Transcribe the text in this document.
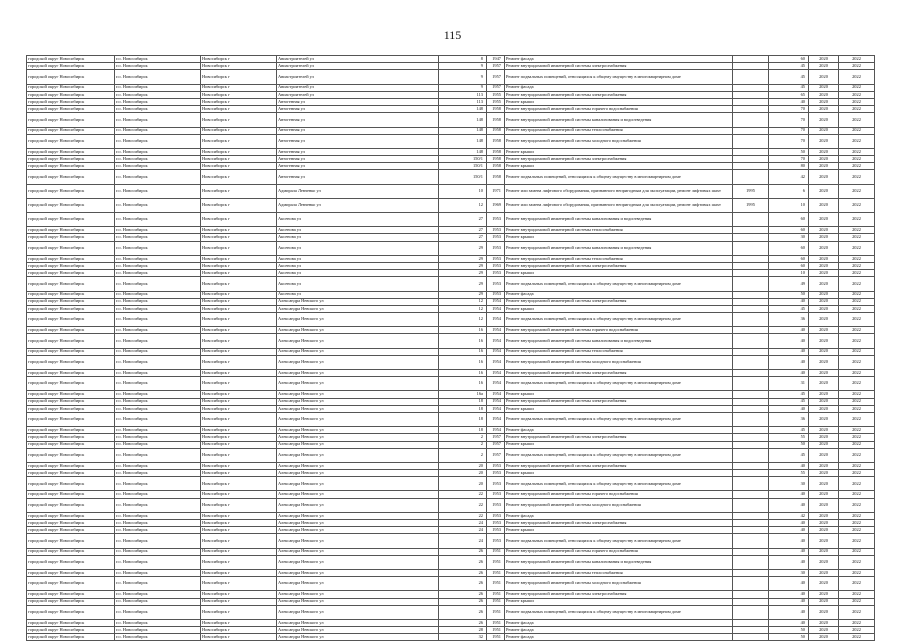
115
городской округ Новосибирск	г.о. Новосибирск	Новосибирск г	Авиастроителей ул	8	1947	Ремонт фасада		60	2020	2022
городской округ Новосибирск	г.о. Новосибирск	Новосибирск г	Авиастроителей ул	9	1957	Ремонт внутридомовой инженерной системы электроснабжения		45	2020	2022
городской округ Новосибирск	г.о. Новосибирск	Новосибирск г	Авиастроителей ул	9	1957	Ремонт подвальных помещений, относящихся к общему имуществу в многоквартирном доме		45	2020	2022
городской округ Новосибирск	г.о. Новосибирск	Новосибирск г	Авиастроителей ул	9	1957	Ремонт фасада		45	2020	2022
городской округ Новосибирск	г.о. Новосибирск	Новосибирск г	Авиастроителей ул	113	1955	Ремонт внутридомовой инженерной системы электроснабжения		65	2020	2022
городской округ Новосибирск	г.о. Новосибирск	Новосибирск г	Автогенная ул	113	1955	Ремонт крыши		40	2020	2022
городской округ Новосибирск	г.о. Новосибирск	Новосибирск г	Автогенная ул	148	1958	Ремонт внутридомовой инженерной системы горячего водоснабжения		70	2020	2022
городской округ Новосибирск	г.о. Новосибирск	Новосибирск г	Автогенная ул	148	1958	Ремонт внутридомовой инженерной системы канализования и водоотведения		70	2020	2022
городской округ Новосибирск	г.о. Новосибирск	Новосибирск г	Автогенная ул	148	1958	Ремонт внутридомовой инженерной системы теплоснабжения		70	2020	2022
городской округ Новосибирск	г.о. Новосибирск	Новосибирск г	Автогенная ул	148	1958	Ремонт внутридомовой инженерной системы холодного водоснабжения		70	2020	2022
городской округ Новосибирск	г.о. Новосибирск	Новосибирск г	Автогенная ул	148	1958	Ремонт крыши		50	2020	2022
городской округ Новосибирск	г.о. Новосибирск	Новосибирск г	Автогенная ул	150/1	1958	Ремонт внутридомовой инженерной системы электроснабжения		70	2020	2022
городской округ Новосибирск	г.о. Новосибирск	Новосибирск г	Автогенная ул	150/1	1958	Ремонт крыши		80	2020	2022
городской округ Новосибирск	г.о. Новосибирск	Новосибирск г	Автогенная ул	150/1	1958	Ремонт подвальных помещений, относящихся к общему имуществу в многоквартирном доме		42	2020	2022
городской округ Новосибирск	г.о. Новосибирск	Новосибирск г	Адмирала Левченко ул	10	1971	Ремонт или замена лифтового оборудования, признанного непригодным для эксплуатации, ремонт лифтовых шахт	1995	6	2020	2022
городской округ Новосибирск	г.о. Новосибирск	Новосибирск г	Адмирала Левченко ул	12	1969	Ремонт или замена лифтового оборудования, признанного непригодным для эксплуатации, ремонт лифтовых шахт	1995	10	2020	2022
городской округ Новосибирск	г.о. Новосибирск	Новосибирск г	Аксенова ул	27	1953	Ремонт внутридомовой инженерной системы канализования и водоотведения		60	2020	2022
городской округ Новосибирск	г.о. Новосибирск	Новосибирск г	Аксенова ул	27	1953	Ремонт внутридомовой инженерной системы теплоснабжения		60	2020	2022
городской округ Новосибирск	г.о. Новосибирск	Новосибирск г	Аксенова ул	27	1953	Ремонт крыши		30	2020	2022
городской округ Новосибирск	г.о. Новосибирск	Новосибирск г	Аксенова ул	29	1953	Ремонт внутридомовой инженерной системы канализования и водоотведения		60	2020	2022
городской округ Новосибирск	г.о. Новосибирск	Новосибирск г	Аксенова ул	29	1953	Ремонт внутридомовой инженерной системы теплоснабжения		60	2020	2022
городской округ Новосибирск	г.о. Новосибирск	Новосибирск г	Аксенова ул	29	1953	Ремонт внутридомовой инженерной системы электроснабжения		60	2020	2022
городской округ Новосибирск	г.о. Новосибирск	Новосибирск г	Аксенова ул	29	1953	Ремонт крыши		10	2020	2022
городской округ Новосибирск	г.о. Новосибирск	Новосибирск г	Аксенова ул	29	1953	Ремонт подвальных помещений, относящихся к общему имуществу в многоквартирном доме		49	2020	2022
городской округ Новосибирск	г.о. Новосибирск	Новосибирск г	Аксенова ул	29	1953	Ремонт фасада		50	2020	2022
городской округ Новосибирск	г.о. Новосибирск	Новосибирск г	Александра Невского ул	12	1954	Ремонт внутридомовой инженерной системы электроснабжения		40	2020	2022
городской округ Новосибирск	г.о. Новосибирск	Новосибирск г	Александра Невского ул	12	1954	Ремонт крыши		45	2020	2022
городской округ Новосибирск	г.о. Новосибирск	Новосибирск г	Александра Невского ул	12	1954	Ремонт подвальных помещений, относящихся к общему имуществу в многоквартирном доме		36	2020	2022
городской округ Новосибирск	г.о. Новосибирск	Новосибирск г	Александра Невского ул	16	1954	Ремонт внутридомовой инженерной системы горячего водоснабжения		40	2020	2022
городской округ Новосибирск	г.о. Новосибирск	Новосибирск г	Александра Невского ул	16	1954	Ремонт внутридомовой инженерной системы канализования и водоотведения		40	2020	2022
городской округ Новосибирск	г.о. Новосибирск	Новосибирск г	Александра Невского ул	16	1954	Ремонт внутридомовой инженерной системы теплоснабжения		40	2020	2022
городской округ Новосибирск	г.о. Новосибирск	Новосибирск г	Александра Невского ул	16	1954	Ремонт внутридомовой инженерной системы холодного водоснабжения		40	2020	2022
городской округ Новосибирск	г.о. Новосибирск	Новосибирск г	Александра Невского ул	16	1954	Ремонт внутридомовой инженерной системы электроснабжения		40	2020	2022
городской округ Новосибирск	г.о. Новосибирск	Новосибирск г	Александра Невского ул	16	1954	Ремонт подвальных помещений, относящихся к общему имуществу в многоквартирном доме		31	2020	2022
городской округ Новосибирск	г.о. Новосибирск	Новосибирск г	Александра Невского ул	16а	1954	Ремонт крыши		45	2020	2022
городской округ Новосибирск	г.о. Новосибирск	Новосибирск г	Александра Невского ул	18	1954	Ремонт внутридомовой инженерной системы электроснабжения		45	2020	2022
городской округ Новосибирск	г.о. Новосибирск	Новосибирск г	Александра Невского ул	18	1954	Ремонт крыши		40	2020	2022
городской округ Новосибирск	г.о. Новосибирск	Новосибирск г	Александра Невского ул	18	1954	Ремонт подвальных помещений, относящихся к общему имуществу в многоквартирном доме		36	2020	2022
городской округ Новосибирск	г.о. Новосибирск	Новосибирск г	Александра Невского ул	18	1954	Ремонт фасада		45	2020	2022
городской округ Новосибирск	г.о. Новосибирск	Новосибирск г	Александра Невского ул	2	1957	Ремонт внутридомовой инженерной системы электроснабжения		55	2020	2022
городской округ Новосибирск	г.о. Новосибирск	Новосибирск г	Александра Невского ул	2	1957	Ремонт крыши		50	2020	2022
городской округ Новосибирск	г.о. Новосибирск	Новосибирск г	Александра Невского ул	2	1957	Ремонт подвальных помещений, относящихся к общему имуществу в многоквартирном доме		45	2020	2022
городской округ Новосибирск	г.о. Новосибирск	Новосибирск г	Александра Невского ул	20	1953	Ремонт внутридомовой инженерной системы электроснабжения		40	2020	2022
городской округ Новосибирск	г.о. Новосибирск	Новосибирск г	Александра Невского ул	20	1953	Ремонт крыши		55	2020	2022
городской округ Новосибирск	г.о. Новосибирск	Новосибирск г	Александра Невского ул	20	1953	Ремонт подвальных помещений, относящихся к общему имуществу в многоквартирном доме		30	2020	2022
городской округ Новосибирск	г.о. Новосибирск	Новосибирск г	Александра Невского ул	22	1953	Ремонт внутридомовой инженерной системы горячего водоснабжения		40	2020	2022
городской округ Новосибирск	г.о. Новосибирск	Новосибирск г	Александра Невского ул	22	1953	Ремонт внутридомовой инженерной системы холодного водоснабжения		40	2020	2022
городской округ Новосибирск	г.о. Новосибирск	Новосибирск г	Александра Невского ул	22	1953	Ремонт фасада		42	2020	2022
городской округ Новосибирск	г.о. Новосибирск	Новосибирск г	Александра Невского ул	24	1953	Ремонт внутридомовой инженерной системы электроснабжения		40	2020	2022
городской округ Новосибирск	г.о. Новосибирск	Новосибирск г	Александра Невского ул	24	1953	Ремонт крыши		40	2020	2022
городской округ Новосибирск	г.о. Новосибирск	Новосибирск г	Александра Невского ул	24	1953	Ремонт подвальных помещений, относящихся к общему имуществу в многоквартирном доме		40	2020	2022
городской округ Новосибирск	г.о. Новосибирск	Новосибирск г	Александра Невского ул	26	1951	Ремонт внутридомовой инженерной системы горячего водоснабжения		40	2020	2022
городской округ Новосибирск	г.о. Новосибирск	Новосибирск г	Александра Невского ул	26	1951	Ремонт внутридомовой инженерной системы канализования и водоотведения		40	2020	2022
городской округ Новосибирск	г.о. Новосибирск	Новосибирск г	Александра Невского ул	26	1951	Ремонт внутридомовой инженерной системы теплоснабжения		30	2020	2022
городской округ Новосибирск	г.о. Новосибирск	Новосибирск г	Александра Невского ул	26	1951	Ремонт внутридомовой инженерной системы холодного водоснабжения		40	2020	2022
городской округ Новосибирск	г.о. Новосибирск	Новосибирск г	Александра Невского ул	26	1951	Ремонт внутридомовой инженерной системы электроснабжения		40	2020	2022
городской округ Новосибирск	г.о. Новосибирск	Новосибирск г	Александра Невского ул	26	1951	Ремонт крыши		40	2020	2022
городской округ Новосибирск	г.о. Новосибирск	Новосибирск г	Александра Невского ул	26	1951	Ремонт подвальных помещений, относящихся к общему имуществу в многоквартирном доме		40	2020	2022
городской округ Новосибирск	г.о. Новосибирск	Новосибирск г	Александра Невского ул	26	1951	Ремонт фасада		40	2020	2022
городской округ Новосибирск	г.о. Новосибирск	Новосибирск г	Александра Невского ул	28	1951	Ремонт фасада		50	2020	2022
городской округ Новосибирск	г.о. Новосибирск	Новосибирск г	Александра Невского ул	32	1951	Ремонт фасада		50	2020	2022
